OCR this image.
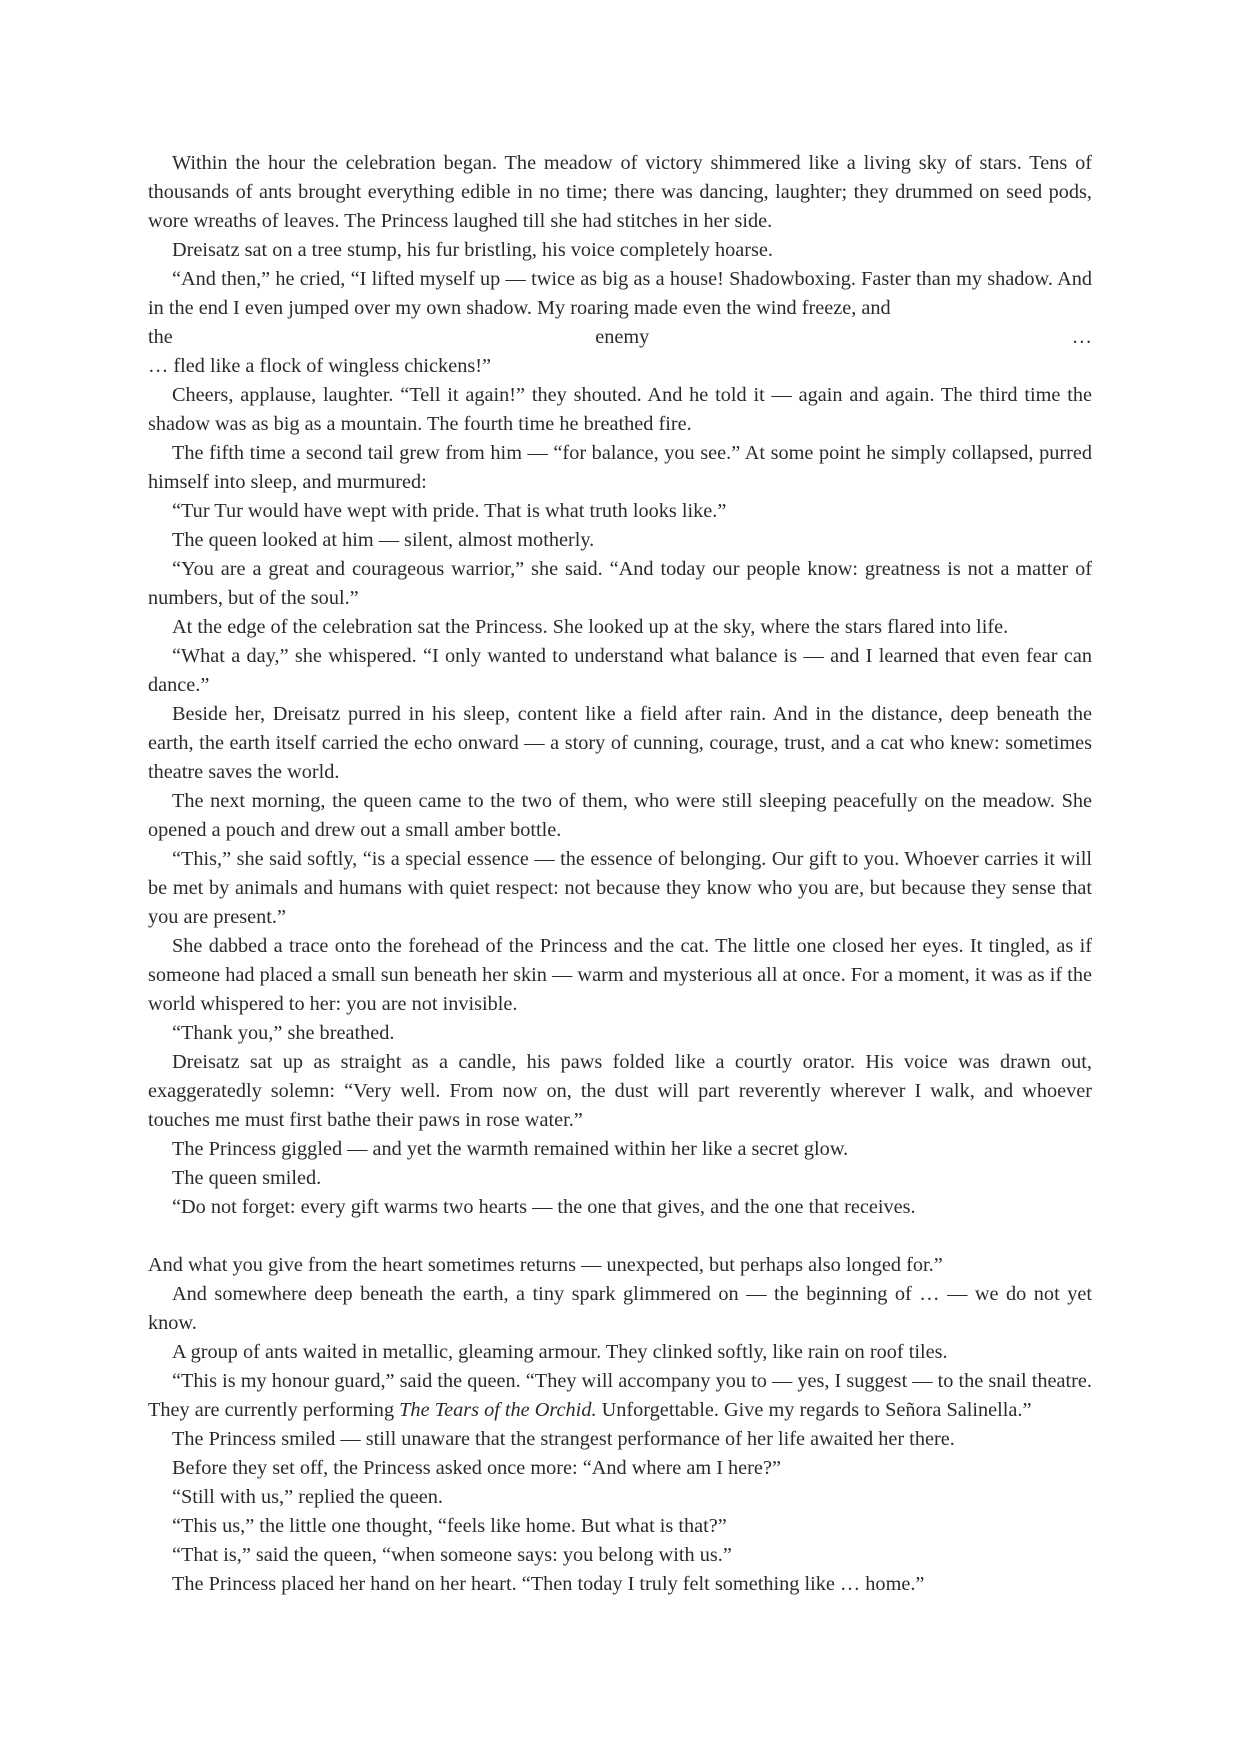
Within the hour the celebration began. The meadow of victory shimmered like a living sky of stars. Tens of thousands of ants brought everything edible in no time; there was dancing, laughter; they drummed on seed pods, wore wreaths of leaves. The Princess laughed till she had stitches in her side.

Dreisatz sat on a tree stump, his fur bristling, his voice completely hoarse.

“And then,” he cried, “I lifted myself up — twice as big as a house! Shadowboxing. Faster than my shadow. And in the end I even jumped over my own shadow. My roaring made even the wind freeze, and

the	enemy	…

… fled like a flock of wingless chickens!”

Cheers, applause, laughter. “Tell it again!” they shouted. And he told it — again and again. The third time the shadow was as big as a mountain. The fourth time he breathed fire.

The fifth time a second tail grew from him — “for balance, you see.” At some point he simply collapsed, purred himself into sleep, and murmured:

“Tur Tur would have wept with pride. That is what truth looks like.”

The queen looked at him — silent, almost motherly.

“You are a great and courageous warrior,” she said. “And today our people know: greatness is not a matter of numbers, but of the soul.”

At the edge of the celebration sat the Princess. She looked up at the sky, where the stars flared into life.

“What a day,” she whispered. “I only wanted to understand what balance is — and I learned that even fear can dance.”

Beside her, Dreisatz purred in his sleep, content like a field after rain. And in the distance, deep beneath the earth, the earth itself carried the echo onward — a story of cunning, courage, trust, and a cat who knew: sometimes theatre saves the world.

The next morning, the queen came to the two of them, who were still sleeping peacefully on the meadow. She opened a pouch and drew out a small amber bottle.

“This,” she said softly, “is a special essence — the essence of belonging. Our gift to you. Whoever carries it will be met by animals and humans with quiet respect: not because they know who you are, but because they sense that you are present.”

She dabbed a trace onto the forehead of the Princess and the cat. The little one closed her eyes. It tingled, as if someone had placed a small sun beneath her skin — warm and mysterious all at once. For a moment, it was as if the world whispered to her: you are not invisible.

“Thank you,” she breathed.

Dreisatz sat up as straight as a candle, his paws folded like a courtly orator. His voice was drawn out, exaggeratedly solemn: “Very well. From now on, the dust will part reverently wherever I walk, and whoever touches me must first bathe their paws in rose water.”

The Princess giggled — and yet the warmth remained within her like a secret glow.

The queen smiled.

“Do not forget: every gift warms two hearts — the one that gives, and the one that receives.

And what you give from the heart sometimes returns — unexpected, but perhaps also longed for.”

And somewhere deep beneath the earth, a tiny spark glimmered on — the beginning of … — we do not yet know.

A group of ants waited in metallic, gleaming armour. They clinked softly, like rain on roof tiles.

“This is my honour guard,” said the queen. “They will accompany you to — yes, I suggest — to the snail theatre. They are currently performing The Tears of the Orchid. Unforgettable. Give my regards to Señora Salinella.”

The Princess smiled — still unaware that the strangest performance of her life awaited her there.

Before they set off, the Princess asked once more: “And where am I here?”

“Still with us,” replied the queen.

“This us,” the little one thought, “feels like home. But what is that?”

“That is,” said the queen, “when someone says: you belong with us.”

The Princess placed her hand on her heart. “Then today I truly felt something like … home.”
